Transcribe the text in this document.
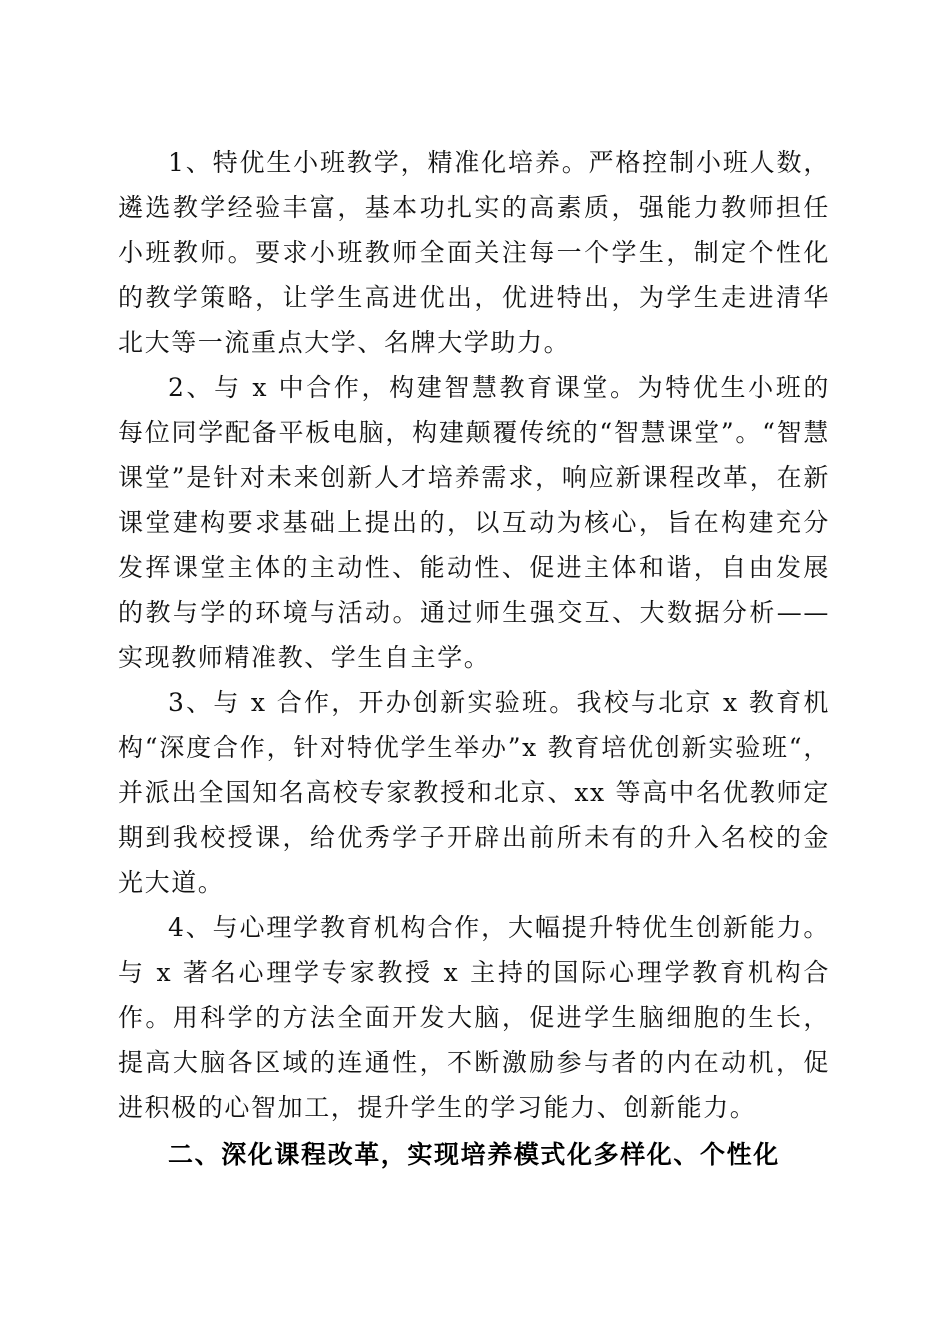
1、特优生小班教学，精准化培养。严格控制小班人数，遴选教学经验丰富，基本功扎实的高素质，强能力教师担任小班教师。要求小班教师全面关注每一个学生，制定个性化的教学策略，让学生高进优出，优进特出，为学生走进清华北大等一流重点大学、名牌大学助力。

2、与 x 中合作，构建智慧教育课堂。为特优生小班的每位同学配备平板电脑，构建颠覆传统的“智慧课堂”。“智慧课堂”是针对未来创新人才培养需求，响应新课程改革，在新课堂建构要求基础上提出的，以互动为核心，旨在构建充分发挥课堂主体的主动性、能动性、促进主体和谐，自由发展的教与学的环境与活动。通过师生强交互、大数据分析——实现教师精准教、学生自主学。

3、与 x 合作，开办创新实验班。我校与北京 x 教育机构“深度合作，针对特优学生举办”x 教育培优创新实验班“，并派出全国知名高校专家教授和北京、xx 等高中名优教师定期到我校授课，给优秀学子开辟出前所未有的升入名校的金光大道。

4、与心理学教育机构合作，大幅提升特优生创新能力。与 x 著名心理学专家教授 x 主持的国际心理学教育机构合作。用科学的方法全面开发大脑，促进学生脑细胞的生长，提高大脑各区域的连通性，不断激励参与者的内在动机，促进积极的心智加工，提升学生的学习能力、创新能力。

二、深化课程改革，实现培养模式化多样化、个性化
